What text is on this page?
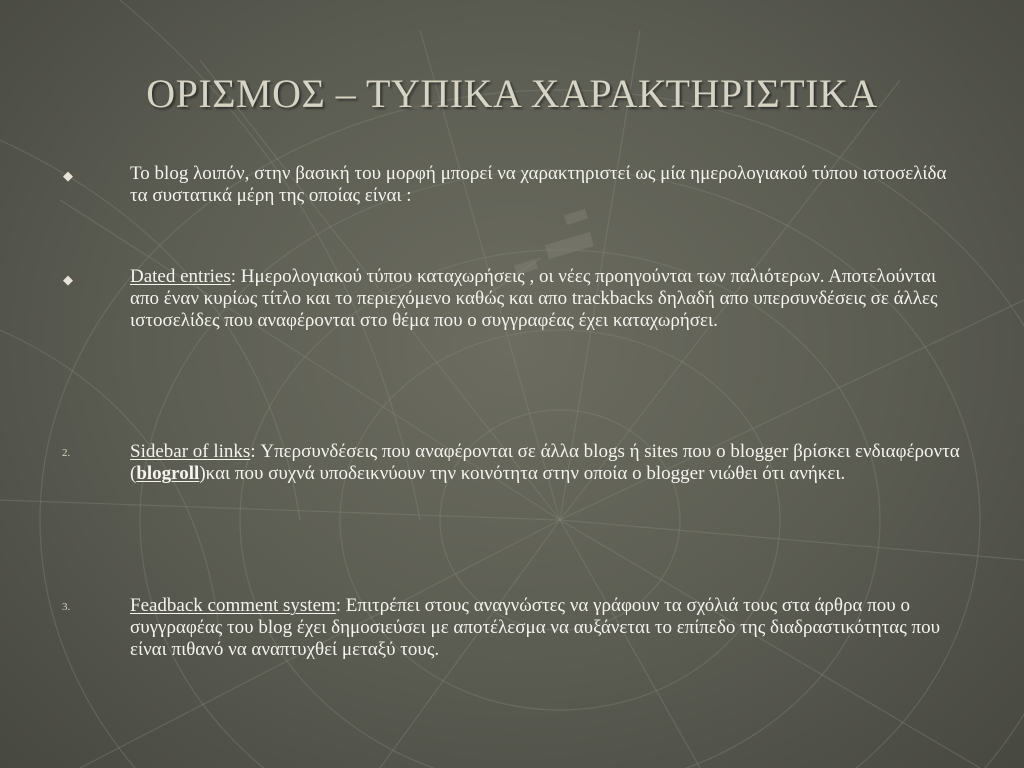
ΟΡΙΣΜΟΣ – ΤΥΠΙΚΑ ΧΑΡΑΚΤΗΡΙΣΤΙΚΑ
◆	Το blog λοιπόν, στην βασική του μορφή μπορεί να χαρακτηριστεί ως μία ημερολογιακού τύπου ιστοσελίδα τα συστατικά μέρη της οποίας είναι :
◆	Dated entries: Ημερολογιακού τύπου καταχωρήσεις , οι νέες προηγούνται των παλιότερων. Αποτελούνται απο έναν κυρίως τίτλο και το περιεχόμενο καθώς και απο trackbacks δηλαδή απο υπερσυνδέσεις σε άλλες ιστοσελίδες που αναφέρονται στο θέμα που ο συγγραφέας έχει καταχωρήσει.
2.	Sidebar of links: Υπερσυνδέσεις που αναφέρονται σε άλλα blogs ή sites που ο blogger βρίσκει ενδιαφέροντα (blogroll)και που συχνά υποδεικνύουν την κοινότητα στην οποία ο blogger νιώθει ότι ανήκει.
3.	Feadback comment system: Επιτρέπει στους αναγνώστες να γράφουν τα σχόλιά τους στα άρθρα που ο συγγραφέας του blog έχει δημοσιεύσει με αποτέλεσμα να αυξάνεται το επίπεδο της διαδραστικότητας που είναι πιθανό να αναπτυχθεί μεταξύ τους.
